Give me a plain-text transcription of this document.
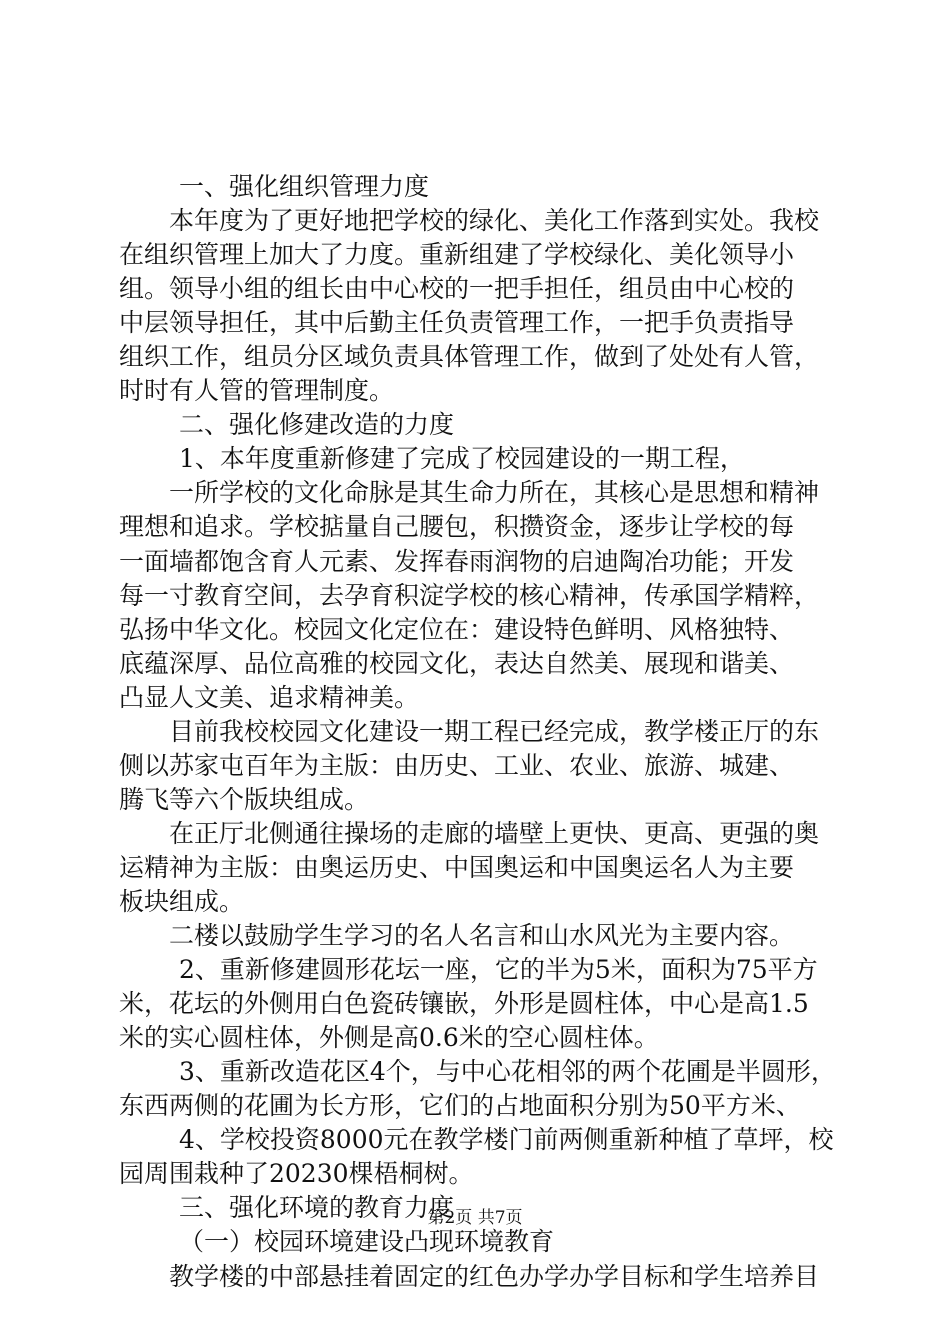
一、强化组织管理力度
本年度为了更好地把学校的绿化、美化工作落到实处。我校
在组织管理上加大了力度。重新组建了学校绿化、美化领导小
组。领导小组的组长由中心校的一把手担任，组员由中心校的
中层领导担任，其中后勤主任负责管理工作，一把手负责指导
组织工作，组员分区域负责具体管理工作，做到了处处有人管，
时时有人管的管理制度。
二、强化修建改造的力度
1、本年度重新修建了完成了校园建设的一期工程，
一所学校的文化命脉是其生命力所在，其核心是思想和精神
理想和追求。学校掂量自己腰包，积攒资金，逐步让学校的每
一面墙都饱含育人元素、发挥春雨润物的启迪陶冶功能；开发
每一寸教育空间，去孕育积淀学校的核心精神，传承国学精粹，
弘扬中华文化。校园文化定位在：建设特色鲜明、风格独特、
底蕴深厚、品位高雅的校园文化，表达自然美、展现和谐美、
凸显人文美、追求精神美。
目前我校校园文化建设一期工程已经完成，教学楼正厅的东
侧以苏家屯百年为主版：由历史、工业、农业、旅游、城建、
腾飞等六个版块组成。
在正厅北侧通往操场的走廊的墙壁上更快、更高、更强的奥
运精神为主版：由奥运历史、中国奥运和中国奥运名人为主要
板块组成。
二楼以鼓励学生学习的名人名言和山水风光为主要内容。
2、重新修建圆形花坛一座，它的半为5米，面积为75平方
米，花坛的外侧用白色瓷砖镶嵌，外形是圆柱体，中心是高1.5
米的实心圆柱体，外侧是高0.6米的空心圆柱体。
3、重新改造花区4个，与中心花相邻的两个花圃是半圆形，
东西两侧的花圃为长方形，它们的占地面积分别为50平方米、
4、学校投资8000元在教学楼门前两侧重新种植了草坪，校
园周围栽种了20230棵梧桐树。
三、强化环境的教育力度
（一）校园环境建设凸现环境教育
教学楼的中部悬挂着固定的红色办学办学目标和学生培养目
第2页 共7页
